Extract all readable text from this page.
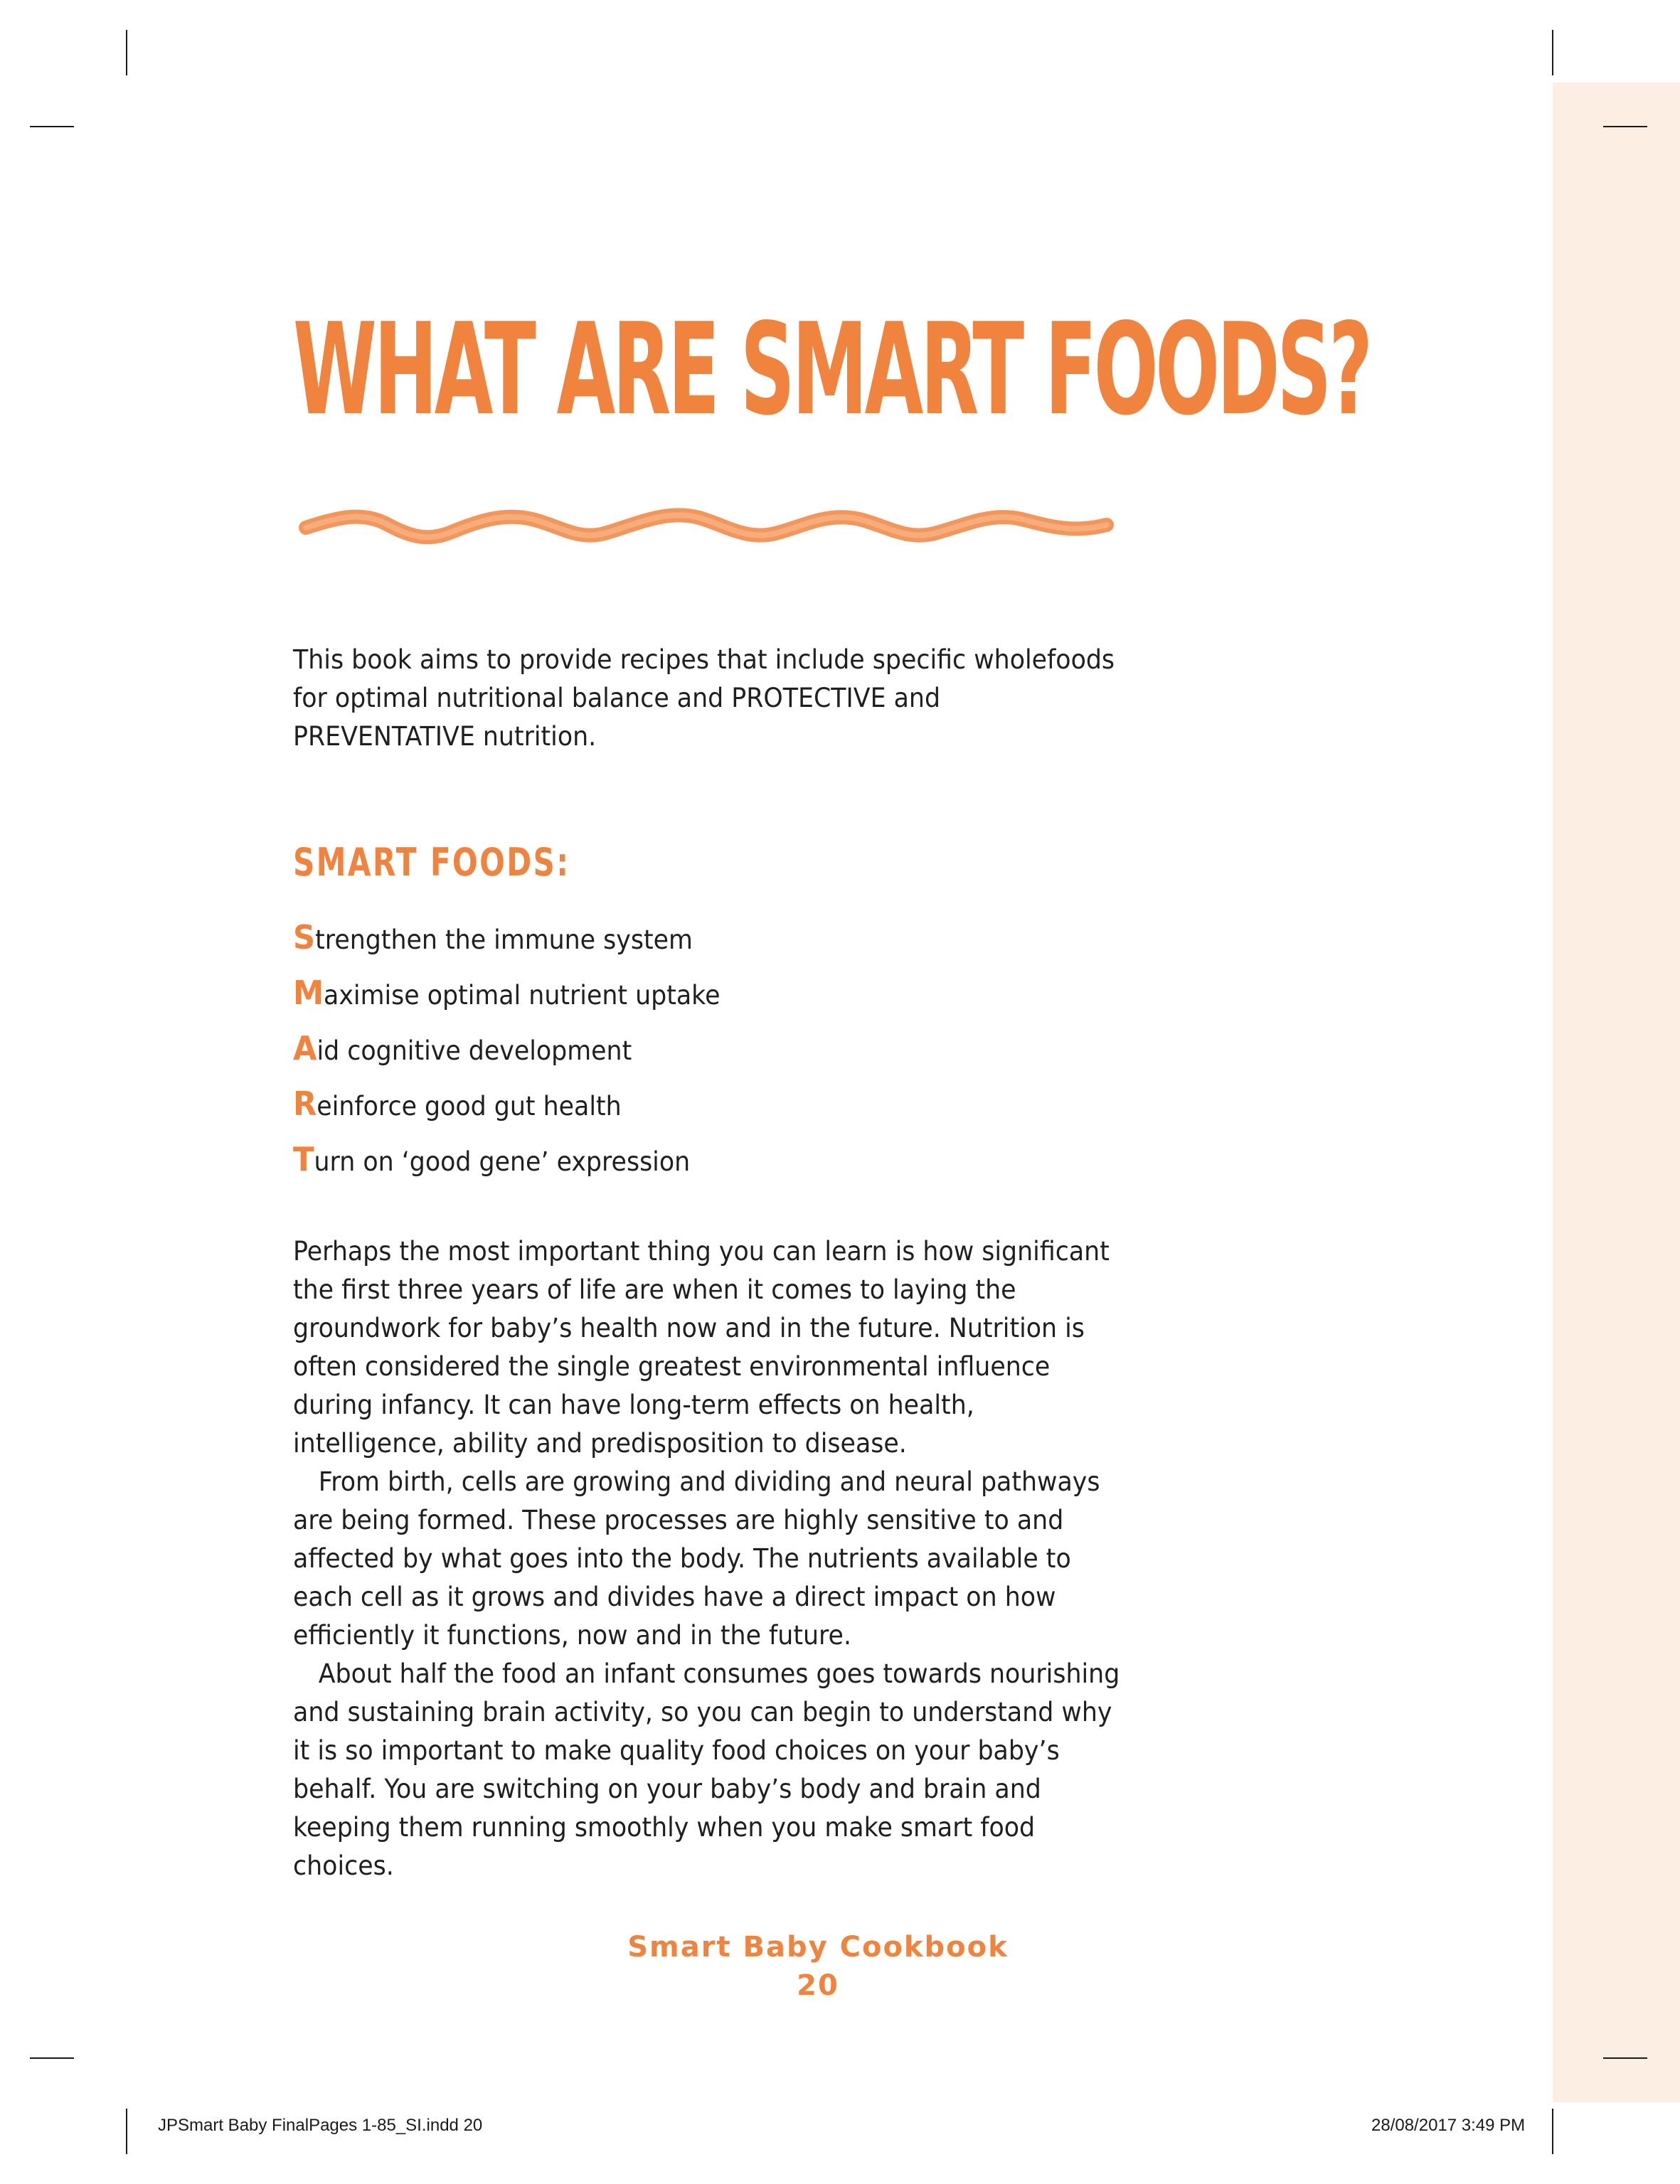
WHAT ARE SMART FOODS?

This book aims to provide recipes that include specific wholefoods for optimal nutritional balance and PROTECTIVE and PREVENTATIVE nutrition.

SMART FOODS:
Strengthen the immune system
Maximise optimal nutrient uptake
Aid cognitive development
Reinforce good gut health
Turn on ‘good gene’ expression

Perhaps the most important thing you can learn is how significant the first three years of life are when it comes to laying the groundwork for baby’s health now and in the future. Nutrition is often considered the single greatest environmental influence during infancy. It can have long-term effects on health, intelligence, ability and predisposition to disease.

From birth, cells are growing and dividing and neural pathways are being formed. These processes are highly sensitive to and affected by what goes into the body. The nutrients available to each cell as it grows and divides have a direct impact on how efficiently it functions, now and in the future.

About half the food an infant consumes goes towards nourishing and sustaining brain activity, so you can begin to understand why it is so important to make quality food choices on your baby’s behalf. You are switching on your baby’s body and brain and keeping them running smoothly when you make smart food choices.

Smart Baby Cookbook
20
JPSmart Baby FinalPages 1-85_SI.indd 20	28/08/2017 3:49 PM
